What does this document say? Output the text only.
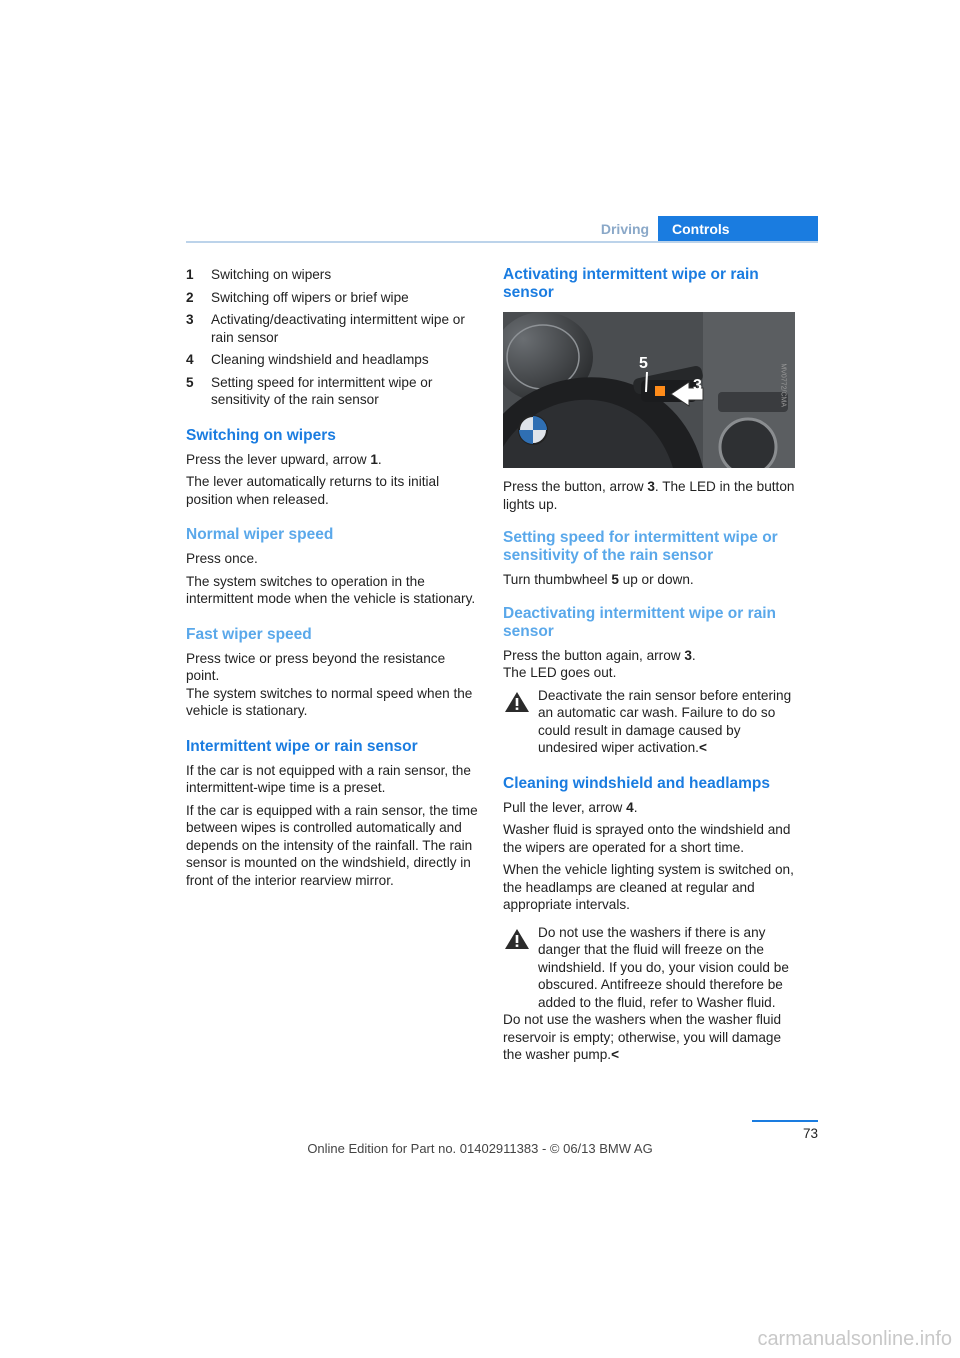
Driving	Controls
1 Switching on wipers
2 Switching off wipers or brief wipe
3 Activating/deactivating intermittent wipe or rain sensor
4 Cleaning windshield and headlamps
5 Setting speed for intermittent wipe or sensitivity of the rain sensor
Switching on wipers

Press the lever upward, arrow 1.

The lever automatically returns to its initial position when released.

Normal wiper speed

Press once.

The system switches to operation in the intermittent mode when the vehicle is stationary.

Fast wiper speed

Press twice or press beyond the resistance point.

The system switches to normal speed when the vehicle is stationary.

Intermittent wipe or rain sensor

If the car is not equipped with a rain sensor, the intermittent-wipe time is a preset.

If the car is equipped with a rain sensor, the time between wipes is controlled automatically and depends on the intensity of the rainfall. The rain sensor is mounted on the windshield, directly in front of the interior rearview mirror.

Activating intermittent wipe or rain sensor
5
3	MV0772/CMA

Press the button, arrow 3. The LED in the button lights up.

Setting speed for intermittent wipe or sensitivity of the rain sensor

Turn thumbwheel 5 up or down.

Deactivating intermittent wipe or rain sensor

Press the button again, arrow 3.

The LED goes out.

Deactivate the rain sensor before entering an automatic car wash. Failure to do so could result in damage caused by undesired wiper activation.<

Cleaning windshield and headlamps

Pull the lever, arrow 4.

Washer fluid is sprayed onto the windshield and the wipers are operated for a short time.

When the vehicle lighting system is switched on, the headlamps are cleaned at regular and appropriate intervals.

Do not use the washers if there is any danger that the fluid will freeze on the windshield. If you do, your vision could be obscured. Antifreeze should therefore be added to the fluid, refer to Washer fluid.

Do not use the washers when the washer fluid reservoir is empty; otherwise, you will damage the washer pump.<

73
Online Edition for Part no. 01402911383 - © 06/13 BMW AG
carmanualsonline.info
